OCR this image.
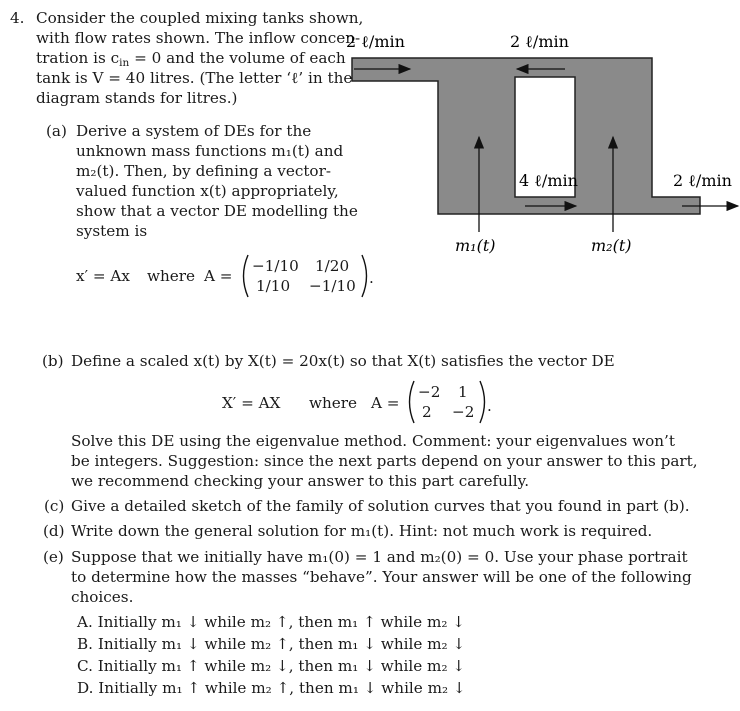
4. Consider the coupled mixing tanks shown,
with flow rates shown. The inflow concen-
tration is $c_{in} = 0$ and the volume of each
tank is V = 40 litres. (The letter ‘ℓ’ in the
diagram stands for litres.)
2 ℓ/min	2 ℓ/min
4 ℓ/min	2 ℓ/min
m₁(t)	m₂(t)
(a) Derive a system of DEs for the
unknown mass functions m₁(t) and
m₂(t). Then, by defining a vector-
valued function x(t) appropriately,
show that a vector DE modelling the
system is
x′ = Ax where A =
−1/10 1/20
1/10 −1/10 .
(b) Define a scaled x(t) by X(t) = 20x(t) so that X(t) satisfies the vector DE
X′ = AX where A =
−2 1
2 −2 .
Solve this DE using the eigenvalue method. Comment: your eigenvalues won’t
be integers. Suggestion: since the next parts depend on your answer to this part,
we recommend checking your answer to this part carefully.
(c) Give a detailed sketch of the family of solution curves that you found in part (b).
(d) Write down the general solution for m₁(t). Hint: not much work is required.
(e) Suppose that we initially have m₁(0) = 1 and m₂(0) = 0. Use your phase portrait
to determine how the masses “behave”. Your answer will be one of the following
choices.
A. Initially m₁ ↓ while m₂ ↑, then m₁ ↑ while m₂ ↓
B. Initially m₁ ↓ while m₂ ↑, then m₁ ↓ while m₂ ↓
C. Initially m₁ ↑ while m₂ ↓, then m₁ ↓ while m₂ ↓
D. Initially m₁ ↑ while m₂ ↑, then m₁ ↓ while m₂ ↓
